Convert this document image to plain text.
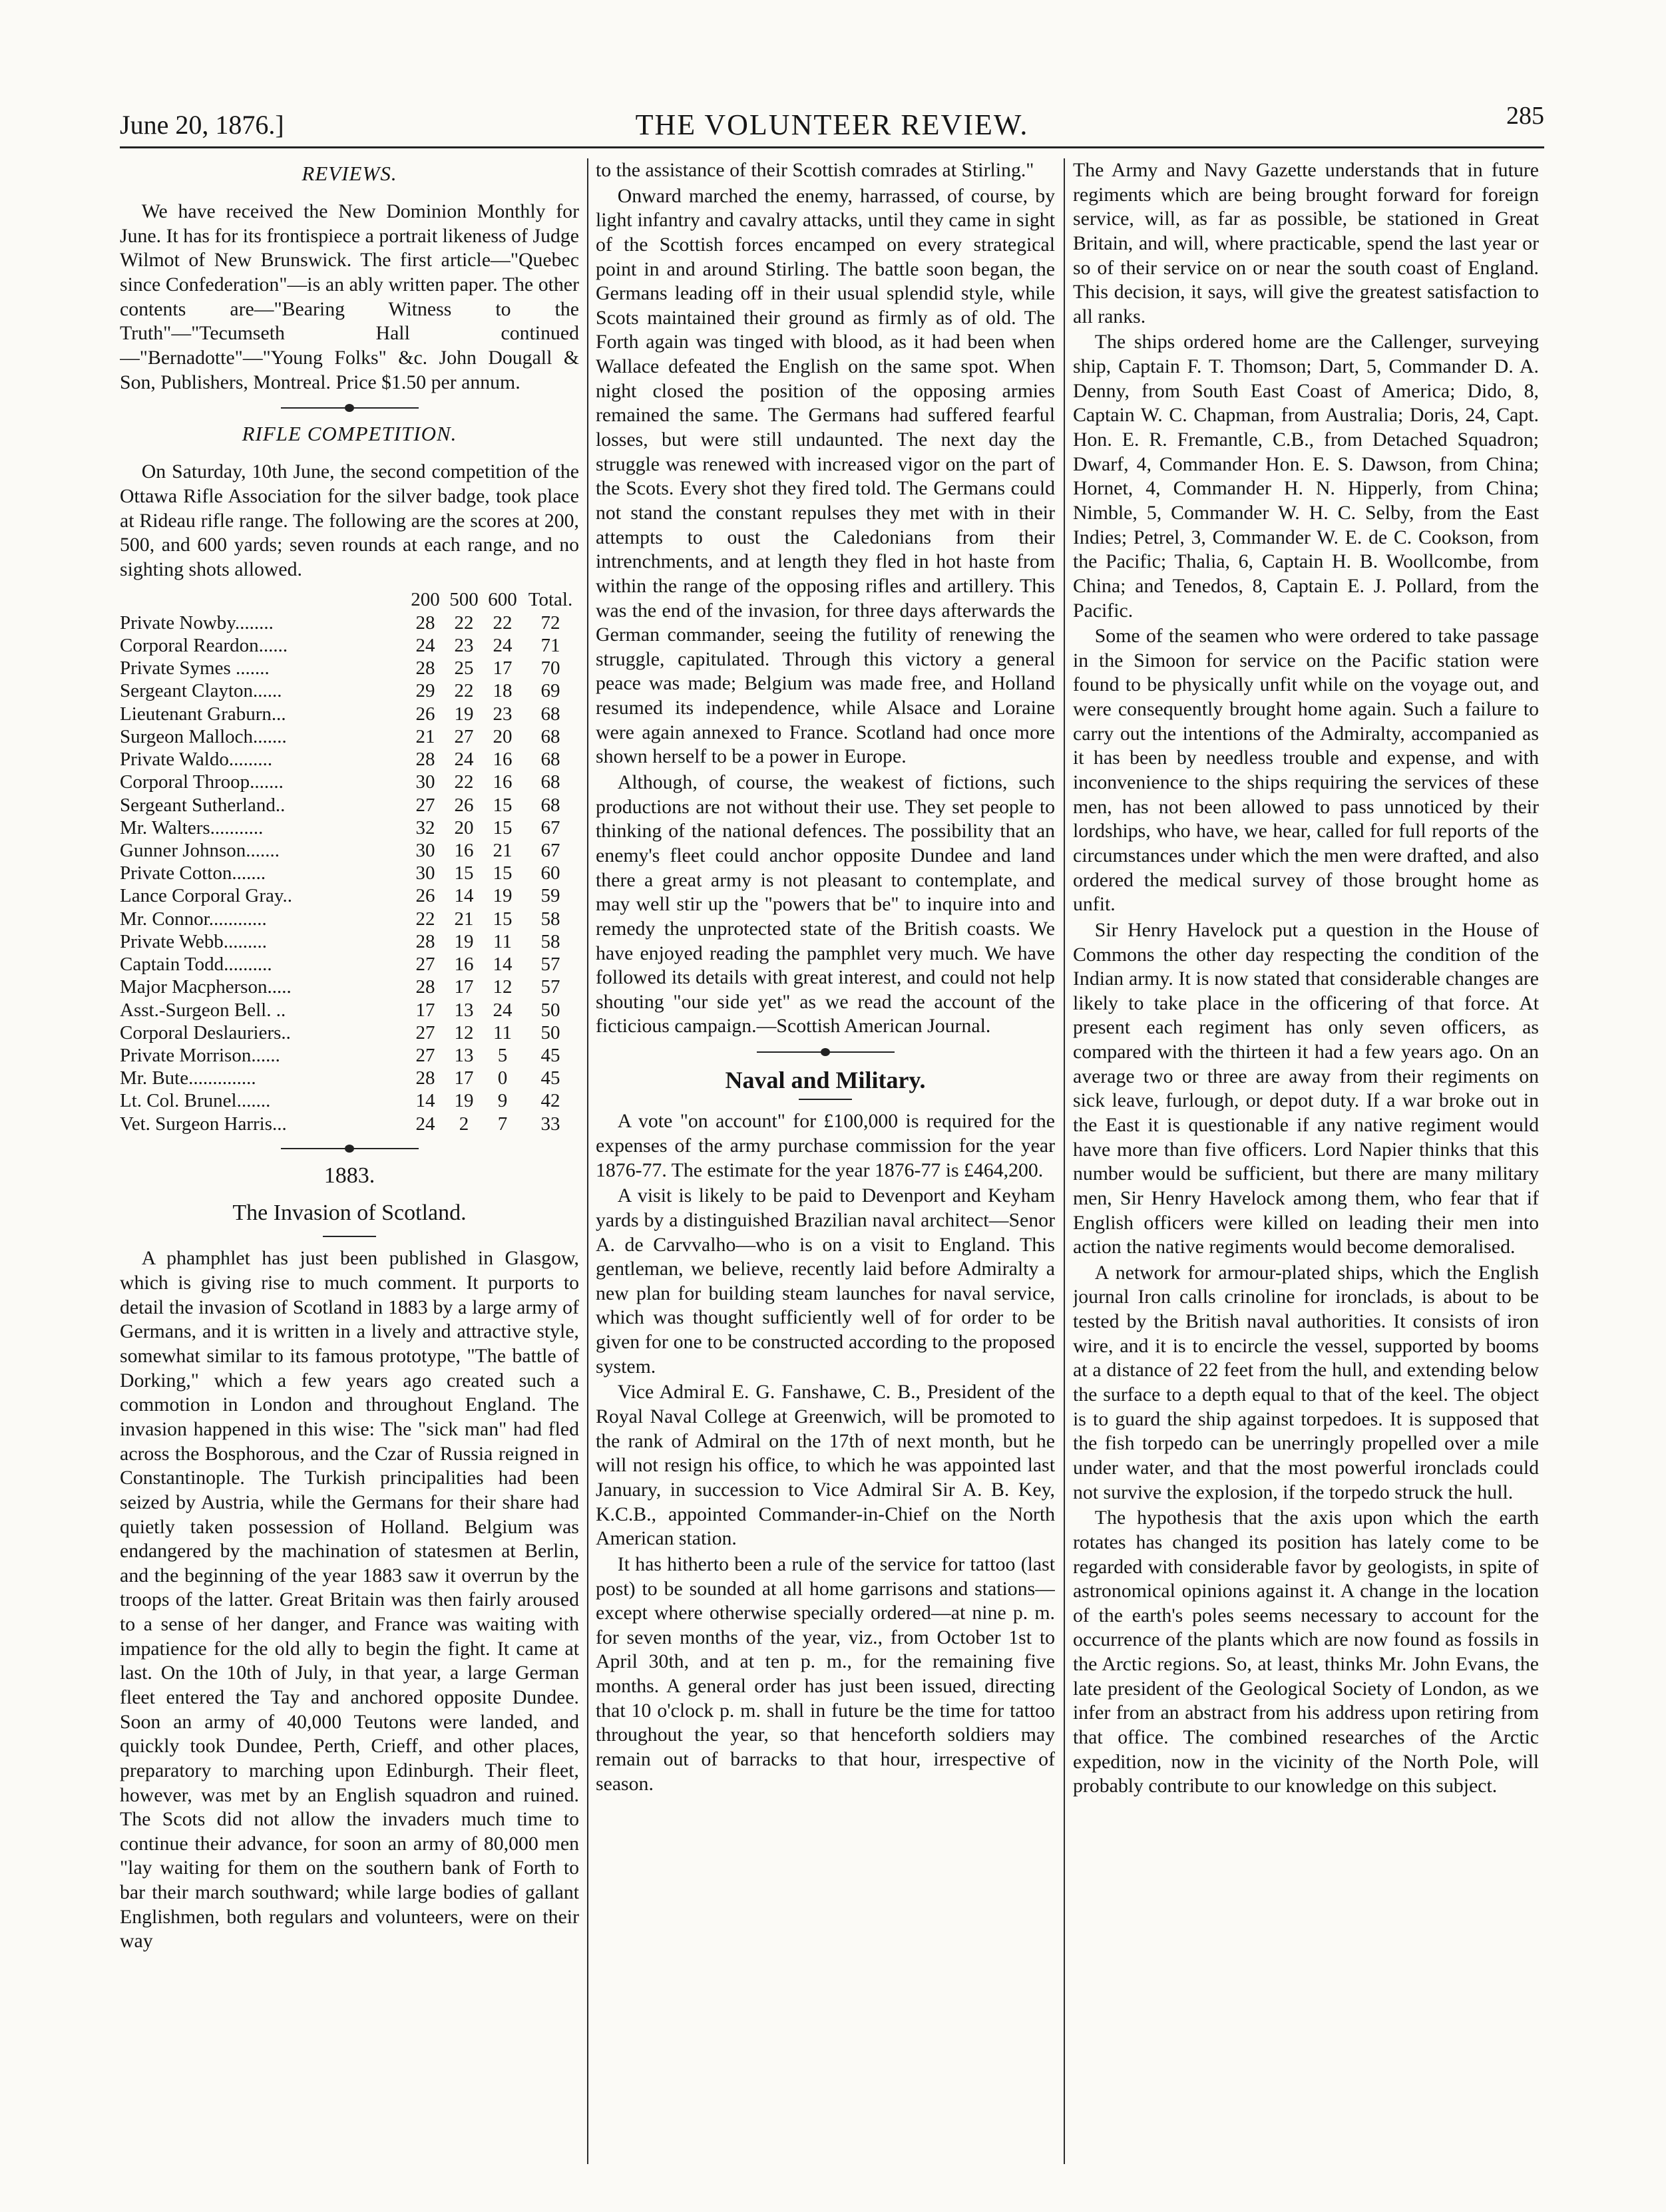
June 20, 1876.]	THE VOLUNTEER REVIEW.	285
REVIEWS.

We have received the New Dominion Monthly for June. It has for its frontispiece a portrait likeness of Judge Wilmot of New Brunswick. The first article—"Quebec since Confederation"—is an ably written paper. The other contents are—"Bearing Witness to the Truth"—"Tecumseth Hall continued—"Bernadotte"—"Young Folks" &c. John Dougall & Son, Publishers, Montreal. Price $1.50 per annum.

RIFLE COMPETITION.

On Saturday, 10th June, the second competition of the Ottawa Rifle Association for the silver badge, took place at Rideau rifle range. The following are the scores at 200, 500, and 600 yards; seven rounds at each range, and no sighting shots allowed.

	200	500	600	Total.
Private Nowby........	28	22	22	72
Corporal Reardon......	24	23	24	71
Private Symes .......	28	25	17	70
Sergeant Clayton......	29	22	18	69
Lieutenant Graburn...	26	19	23	68
Surgeon Malloch.......	21	27	20	68
Private Waldo.........	28	24	16	68
Corporal Throop.......	30	22	16	68
Sergeant Sutherland..	27	26	15	68
Mr. Walters...........	32	20	15	67
Gunner Johnson.......	30	16	21	67
Private Cotton.......	30	15	15	60
Lance Corporal Gray..	26	14	19	59
Mr. Connor............	22	21	15	58
Private Webb.........	28	19	11	58
Captain Todd..........	27	16	14	57
Major Macpherson.....	28	17	12	57
Asst.-Surgeon Bell. ..	17	13	24	50
Corporal Deslauriers..	27	12	11	50
Private Morrison......	27	13	5	45
Mr. Bute..............	28	17	0	45
Lt. Col. Brunel.......	14	19	9	42
Vet. Surgeon Harris...	24	2	7	33
1883.
The Invasion of Scotland.

A phamphlet has just been published in Glasgow, which is giving rise to much comment. It purports to detail the invasion of Scotland in 1883 by a large army of Germans, and it is written in a lively and attractive style, somewhat similar to its famous prototype, "The battle of Dorking," which a few years ago created such a commotion in London and throughout England. The invasion happened in this wise: The "sick man" had fled across the Bosphorous, and the Czar of Russia reigned in Constantinople. The Turkish principalities had been seized by Austria, while the Germans for their share had quietly taken possession of Holland. Belgium was endangered by the machination of statesmen at Berlin, and the beginning of the year 1883 saw it overrun by the troops of the latter. Great Britain was then fairly aroused to a sense of her danger, and France was waiting with impatience for the old ally to begin the fight. It came at last. On the 10th of July, in that year, a large German fleet entered the Tay and anchored opposite Dundee. Soon an army of 40,000 Teutons were landed, and quickly took Dundee, Perth, Crieff, and other places, preparatory to marching upon Edinburgh. Their fleet, however, was met by an English squadron and ruined. The Scots did not allow the invaders much time to continue their advance, for soon an army of 80,000 men "lay waiting for them on the southern bank of Forth to bar their march southward; while large bodies of gallant Englishmen, both regulars and volunteers, were on their way

to the assistance of their Scottish comrades at Stirling."

Onward marched the enemy, harrassed, of course, by light infantry and cavalry attacks, until they came in sight of the Scottish forces encamped on every strategical point in and around Stirling. The battle soon began, the Germans leading off in their usual splendid style, while Scots maintained their ground as firmly as of old. The Forth again was tinged with blood, as it had been when Wallace defeated the English on the same spot. When night closed the position of the opposing armies remained the same. The Germans had suffered fearful losses, but were still undaunted. The next day the struggle was renewed with increased vigor on the part of the Scots. Every shot they fired told. The Germans could not stand the constant repulses they met with in their attempts to oust the Caledonians from their intrenchments, and at length they fled in hot haste from within the range of the opposing rifles and artillery. This was the end of the invasion, for three days afterwards the German commander, seeing the futility of renewing the struggle, capitulated. Through this victory a general peace was made; Belgium was made free, and Holland resumed its independence, while Alsace and Loraine were again annexed to France. Scotland had once more shown herself to be a power in Europe.

Although, of course, the weakest of fictions, such productions are not without their use. They set people to thinking of the national defences. The possibility that an enemy's fleet could anchor opposite Dundee and land there a great army is not pleasant to contemplate, and may well stir up the "powers that be" to inquire into and remedy the unprotected state of the British coasts. We have enjoyed reading the pamphlet very much. We have followed its details with great interest, and could not help shouting "our side yet" as we read the account of the ficticious campaign.—Scottish American Journal.

Naval and Military.

A vote "on account" for £100,000 is required for the expenses of the army purchase commission for the year 1876-77. The estimate for the year 1876-77 is £464,200.

A visit is likely to be paid to Devenport and Keyham yards by a distinguished Brazilian naval architect—Senor A. de Carvvalho—who is on a visit to England. This gentleman, we believe, recently laid before Admiralty a new plan for building steam launches for naval service, which was thought sufficiently well of for order to be given for one to be constructed according to the proposed system.

Vice Admiral E. G. Fanshawe, C. B., President of the Royal Naval College at Greenwich, will be promoted to the rank of Admiral on the 17th of next month, but he will not resign his office, to which he was appointed last January, in succession to Vice Admiral Sir A. B. Key, K.C.B., appointed Commander-in-Chief on the North American station.

It has hitherto been a rule of the service for tattoo (last post) to be sounded at all home garrisons and stations—except where otherwise specially ordered—at nine p. m. for seven months of the year, viz., from October 1st to April 30th, and at ten p. m., for the remaining five months. A general order has just been issued, directing that 10 o'clock p. m. shall in future be the time for tattoo throughout the year, so that henceforth soldiers may remain out of barracks to that hour, irrespective of season.

The Army and Navy Gazette understands that in future regiments which are being brought forward for foreign service, will, as far as possible, be stationed in Great Britain, and will, where practicable, spend the last year or so of their service on or near the south coast of England. This decision, it says, will give the greatest satisfaction to all ranks.

The ships ordered home are the Callenger, surveying ship, Captain F. T. Thomson; Dart, 5, Commander D. A. Denny, from South East Coast of America; Dido, 8, Captain W. C. Chapman, from Australia; Doris, 24, Capt. Hon. E. R. Fremantle, C.B., from Detached Squadron; Dwarf, 4, Commander Hon. E. S. Dawson, from China; Hornet, 4, Commander H. N. Hipperly, from China; Nimble, 5, Commander W. H. C. Selby, from the East Indies; Petrel, 3, Commander W. E. de C. Cookson, from the Pacific; Thalia, 6, Captain H. B. Woollcombe, from China; and Tenedos, 8, Captain E. J. Pollard, from the Pacific.

Some of the seamen who were ordered to take passage in the Simoon for service on the Pacific station were found to be physically unfit while on the voyage out, and were consequently brought home again. Such a failure to carry out the intentions of the Admiralty, accompanied as it has been by needless trouble and expense, and with inconvenience to the ships requiring the services of these men, has not been allowed to pass unnoticed by their lordships, who have, we hear, called for full reports of the circumstances under which the men were drafted, and also ordered the medical survey of those brought home as unfit.

Sir Henry Havelock put a question in the House of Commons the other day respecting the condition of the Indian army. It is now stated that considerable changes are likely to take place in the officering of that force. At present each regiment has only seven officers, as compared with the thirteen it had a few years ago. On an average two or three are away from their regiments on sick leave, furlough, or depot duty. If a war broke out in the East it is questionable if any native regiment would have more than five officers. Lord Napier thinks that this number would be sufficient, but there are many military men, Sir Henry Havelock among them, who fear that if English officers were killed on leading their men into action the native regiments would become demoralised.

A network for armour-plated ships, which the English journal Iron calls crinoline for ironclads, is about to be tested by the British naval authorities. It consists of iron wire, and it is to encircle the vessel, supported by booms at a distance of 22 feet from the hull, and extending below the surface to a depth equal to that of the keel. The object is to guard the ship against torpedoes. It is supposed that the fish torpedo can be unerringly propelled over a mile under water, and that the most powerful ironclads could not survive the explosion, if the torpedo struck the hull.

The hypothesis that the axis upon which the earth rotates has changed its position has lately come to be regarded with considerable favor by geologists, in spite of astronomical opinions against it. A change in the location of the earth's poles seems necessary to account for the occurrence of the plants which are now found as fossils in the Arctic regions. So, at least, thinks Mr. John Evans, the late president of the Geological Society of London, as we infer from an abstract from his address upon retiring from that office. The combined researches of the Arctic expedition, now in the vicinity of the North Pole, will probably contribute to our knowledge on this subject.
